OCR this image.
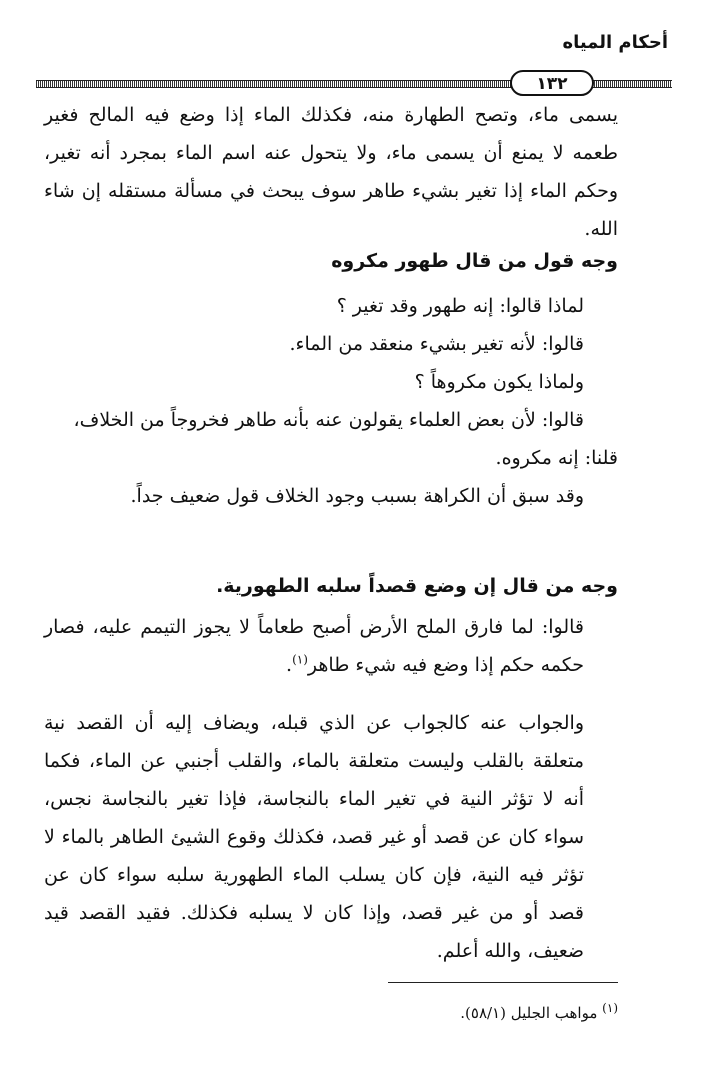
أحكام المياه
١٣٢

يسمى ماء، وتصح الطهارة منه، فكذلك الماء إذا وضع فيه المالح فغير طعمه لا يمنع أن يسمى ماء، ولا يتحول عنه اسم الماء بمجرد أنه تغير، وحكم الماء إذا تغير بشيء طاهر سوف يبحث في مسألة مستقله إن شاء الله.

وجه قول من قال طهور مكروه
لماذا قالوا: إنه طهور وقد تغير ؟
قالوا: لأنه تغير بشيء منعقد من الماء.
ولماذا يكون مكروهاً ؟
قالوا: لأن بعض العلماء يقولون عنه بأنه طاهر فخروجاً من الخلاف،
قلنا: إنه مكروه.
وقد سبق أن الكراهة بسبب وجود الخلاف قول ضعيف جداً.
وجه من قال إن وضع قصداً سلبه الطهورية.

قالوا: لما فارق الملح الأرض أصبح طعاماً لا يجوز التيمم عليه، فصار حكمه حكم إذا وضع فيه شيء طاهر$^{(١)}$.

والجواب عنه كالجواب عن الذي قبله، ويضاف إليه أن القصد نية متعلقة بالقلب وليست متعلقة بالماء، والقلب أجنبي عن الماء، فكما أنه لا تؤثر النية في تغير الماء بالنجاسة، فإذا تغير بالنجاسة نجس، سواء كان عن قصد أو غير قصد، فكذلك وقوع الشيئ الطاهر بالماء لا تؤثر فيه النية، فإن كان يسلب الماء الطهورية سلبه سواء كان عن قصد أو من غير قصد، وإذا كان لا يسلبه فكذلك. فقيد القصد قيد ضعيف، والله أعلم.

$^{(١)}$ مواهب الجليل (٥٨/١).
